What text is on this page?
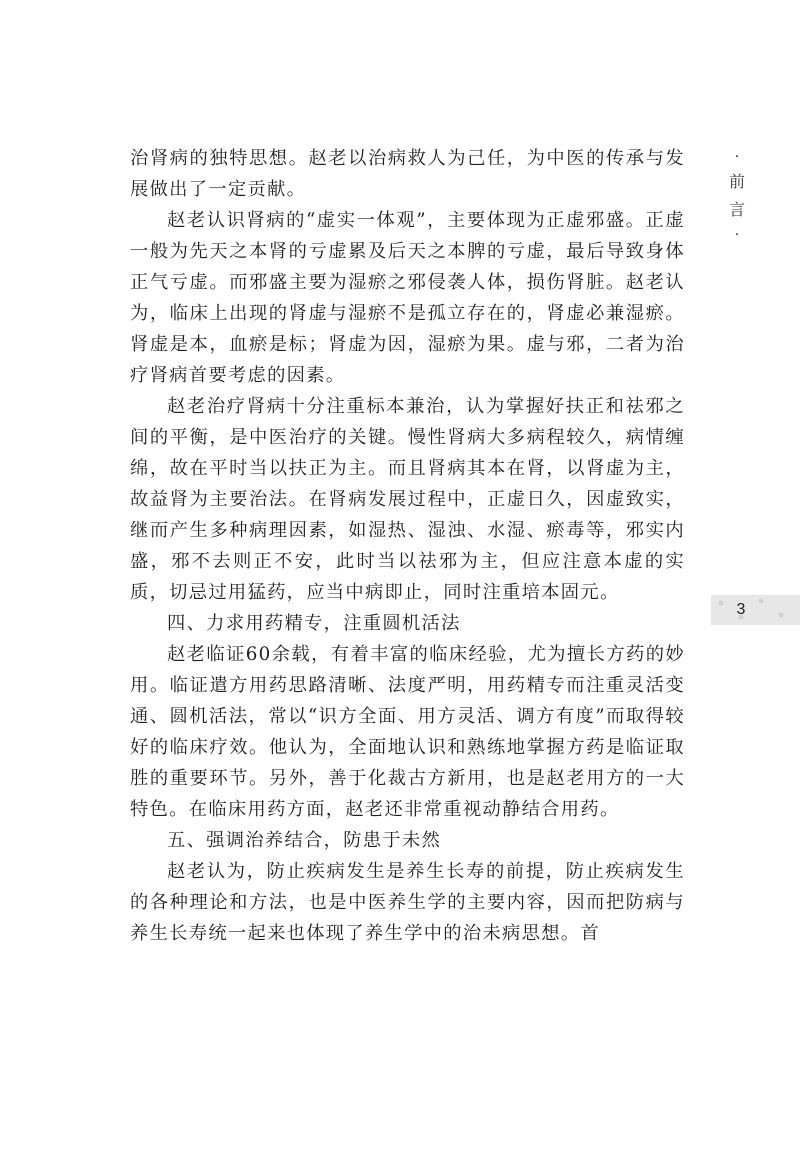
治肾病的独特思想。赵老以治病救人为己任，为中医的传承与发展做出了一定贡献。

赵老认识肾病的“虚实一体观”，主要体现为正虚邪盛。正虚一般为先天之本肾的亏虚累及后天之本脾的亏虚，最后导致身体正气亏虚。而邪盛主要为湿瘀之邪侵袭人体，损伤肾脏。赵老认为，临床上出现的肾虚与湿瘀不是孤立存在的，肾虚必兼湿瘀。肾虚是本，血瘀是标；肾虚为因，湿瘀为果。虚与邪，二者为治疗肾病首要考虑的因素。

赵老治疗肾病十分注重标本兼治，认为掌握好扶正和祛邪之间的平衡，是中医治疗的关键。慢性肾病大多病程较久，病情缠绵，故在平时当以扶正为主。而且肾病其本在肾，以肾虚为主，故益肾为主要治法。在肾病发展过程中，正虚日久，因虚致实，继而产生多种病理因素，如湿热、湿浊、水湿、瘀毒等，邪实内盛，邪不去则正不安，此时当以祛邪为主，但应注意本虚的实质，切忌过用猛药，应当中病即止，同时注重培本固元。

四、力求用药精专，注重圆机活法

赵老临证60余载，有着丰富的临床经验，尤为擅长方药的妙用。临证遣方用药思路清晰、法度严明，用药精专而注重灵活变通、圆机活法，常以“识方全面、用方灵活、调方有度”而取得较好的临床疗效。他认为，全面地认识和熟练地掌握方药是临证取胜的重要环节。另外，善于化裁古方新用，也是赵老用方的一大特色。在临床用药方面，赵老还非常重视动静结合用药。

五、强调治养结合，防患于未然

赵老认为，防止疾病发生是养生长寿的前提，防止疾病发生的各种理论和方法，也是中医养生学的主要内容，因而把防病与养生长寿统一起来也体现了养生学中的治未病思想。首

·
前
言
·
3
